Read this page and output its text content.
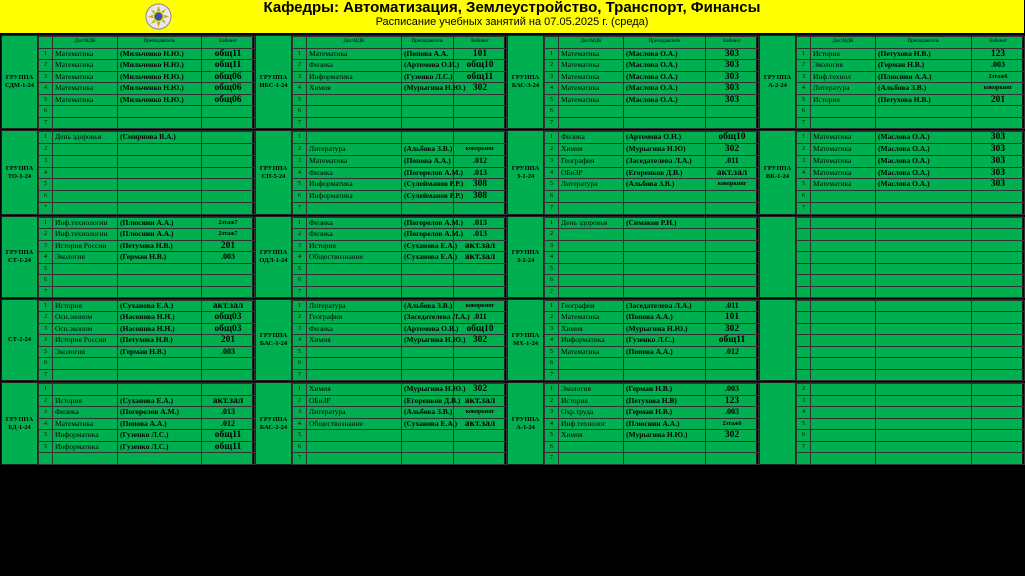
Кафедры: Автоматизация, Землеустройство, Транспорт, Финансы
Расписание учебных занятий на 07.05.2025 г. (среда)
ГРУППА СДМ-1-24
	Дис/МДК	Преподаватель	Кабинет
1	Математика	(Мильченко Н.Ю.)	общ11
2	Математика	(Мильченко Н.Ю.)	общ11
3	Математика	(Мильченко Н.Ю.)	общ06
4	Математика	(Мильченко Н.Ю.)	общ06
5	Математика	(Мильченко Н.Ю.)	общ06
6			
7			
ГРУППА ИБС-1-24
	Дис/МДК	Преподаватель	Кабинет
1	Математика	(Попова А.А.	101
2	Физика	(Артемова О.И.)	общ10
3	Информатика	(Гузенко Л.С.)	общ11
4	Химия	(Мурыгина Н.Ю.)	302
5			
6			
7			
ГРУППА БАС-3-24
	Дис/МДК	Преподаватель	Кабинет
1	Математика	(Маслова О.А.)	303
2	Математика	(Маслова О.А.)	303
3	Математика	(Маслова О.А.)	303
4	Математика	(Маслова О.А.)	303
5	Математика	(Маслова О.А.)	303
6			
7			
ГРУППА А-2-24
	Дис/МДК	Преподаватель	Кабинет
1	История	(Петухова Н.В.)	123
2	Экология	(Герман Н.В.)	.003
3	Инф.технол	(Плюснин А.А.)	2этаж6
4	Литература	(Альбова З.В.)	коворкинг
5	История	(Петухова Н.В.)	201
6			
7			
ГРУППА ТО-1-24
1	День здоровья	(Смирнова В.А.)	
2			
3			
4			
5			
6			
7			
ГРУППА СП-5-24
1			
2	Литература	(Альбова З.В.)	коворкинг
3	Математика	(Попова А.А.)	.012
4	Физика	(Погорелов А.М.)	.013
5	Информатика	(Сулейманов Р.Р.)	308
6	Информатика	(Сулейманов Р.Р.)	308
7			
ГРУППА З-1-24
1	Физика	(Артемова О.Н.)	общ10
2	Химия	(Мурыгина Н.Ю)	302
3	География	(Заседателева Л.А.)	.011
4	ОБиЗР	(Егоренков Д.В.)	акт.зал
5	Литература	(Альбова З.В.)	коворкинг
6			
7			
ГРУППА ВК-1-24
1	Математика	(Маслова О.А.)	303
2	Математика	(Маслова О.А.)	303
3	Математика	(Маслова О.А.)	303
4	Математика	(Маслова О.А.)	303
5	Математика	(Маслова О.А.)	303
6			
7			
ГРУППА СТ-1-24
1	Инф.технологии	(Плюснин А.А.)	2этаж7
2	Инф.технологии	(Плюснин А.А.)	2этаж7
3	История России	(Петухова Н.В.)	201
4	Экология	(Герман Н.В.)	.003
5			
6			
7			
ГРУППА ОДЛ-1-24
1	Физика	(Погорелов А.М.)	.013
2	Физика	(Погорелов А.М.)	.013
3	История	(Суханова Е.А.)	акт.зал
4	Обществознание	(Суханова Е.А.)	акт.зал
5			
6			
7			
ГРУППА З-2-24
1	День здоровья	(Симаков Р.Н.)	
2			
3			
4			
5			
6			
7			

СТ-2-24
1	История	(Суханова Е.А.)	акт.зал
2	Осн.эконом	(Насонова Н.Н.)	общ03
3	Осн.эконом	(Насонова Н.Н.)	общ03
4	История России	(Петухова Н.В.)	201
5	Экология	(Герман Н.В.)	.003
6			
7			
ГРУППА БАС-1-24
1	Литература	(Альбова З.В.)	коворкинг
2	География	(Заседателева Л.А.)	.011
3	Физика	(Артемова О.В.)	общ10
4	Химия	(Мурыгина Н.Ю.)	302
5			
6			
7			
ГРУППА МХ-1-24
1	География	(Заседателева Л.А.)	.011
2	Математика	(Попова А.А.)	101
3	Химия	(Мурыгина Н.Ю.)	302
4	Информатика	(Гузенко Л.С.)	общ11
5	Математика	(Попова А.А.)	.012
6			
7			

ГРУППА БД-1-24
1			
2	История	(Суханова Е.А.)	акт.зал
3	Физика	(Погорелов А.М.)	.013
4	Математика	(Попова А.А.)	.012
5	Информатика	(Гузенко Л.С.)	общ11
5	Информатика	(Гузенко Л.С.)	общ11

ГРУППА БАС-2-24
1	Химия	(Мурыгина Н.Ю.)	302
2	ОБиЗР	(Егоренков Д.В.)	акт.зал
3	Литература	(Альбова З.В.)	коворкинг
4	Обществознание	(Суханова Е.А.)	акт.зал
5			
6			
7			
ГРУППА А-1-24
1	Экология	(Герман Н.В.)	.003
2	История	(Петухова Н.В)	123
3	Охр.труда	(Герман Н.В.)	.003
4	Инф.технолог	(Плюснин А.А.)	2этаж6
5	Химия	(Мурыгина Н.Ю.)	302
6			
7			
2			
3			
4			
5			
6			
7			
